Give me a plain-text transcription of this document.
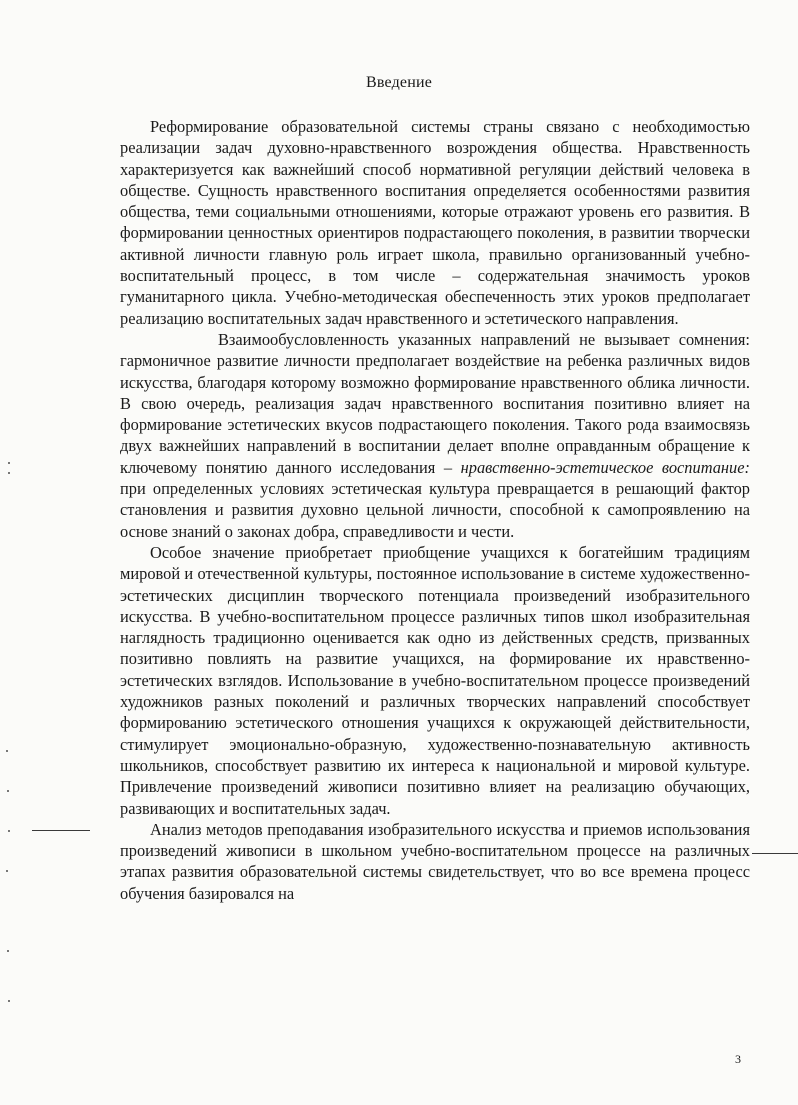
Введение

Реформирование образовательной системы страны связано с необходимостью реализации задач духовно-нравственного возрождения общества. Нравственность характеризуется как важнейший способ нормативной регуляции действий человека в обществе. Сущность нравственного воспитания определяется особенностями развития общества, теми социальными отношениями, которые отражают уровень его развития. В формировании ценностных ориентиров подрастающего поколения, в развитии творчески активной личности главную роль играет школа, правильно организованный учебно-воспитательный процесс, в том числе – содержательная значимость уроков гуманитарного цикла. Учебно-методическая обеспеченность этих уроков предполагает реализацию воспитательных задач нравственного и эстетического направления.

Взаимообусловленность указанных направлений не вызывает сомнения: гармоничное развитие личности предполагает воздействие на ребенка различных видов искусства, благодаря которому возможно формирование нравственного облика личности. В свою очередь, реализация задач нравственного воспитания позитивно влияет на формирование эстетических вкусов подрастающего поколения. Такого рода взаимосвязь двух важнейших направлений в воспитании делает вполне оправданным обращение к ключевому понятию данного исследования – нравственно-эстетическое воспитание: при определенных условиях эстетическая культура превращается в решающий фактор становления и развития духовно цельной личности, способной к самопроявлению на основе знаний о законах добра, справедливости и чести.

Особое значение приобретает приобщение учащихся к богатейшим традициям мировой и отечественной культуры, постоянное использование в системе художественно-эстетических дисциплин творческого потенциала произведений изобразительного искусства. В учебно-воспитательном процессе различных типов школ изобразительная наглядность традиционно оценивается как одно из действенных средств, призванных позитивно повлиять на развитие учащихся, на формирование их нравственно-эстетических взглядов. Использование в учебно-воспитательном процессе произведений художников разных поколений и различных творческих направлений способствует формированию эстетического отношения учащихся к окружающей действительности, стимулирует эмоционально-образную, художественно-познавательную активность школьников, способствует развитию их интереса к национальной и мировой культуре. Привлечение произведений живописи позитивно влияет на реализацию обучающих, развивающих и воспитательных задач.

Анализ методов преподавания изобразительного искусства и приемов использования произведений живописи в школьном учебно-воспитательном процессе на различных этапах развития образовательной системы свидетельствует, что во все времена процесс обучения базировался на

3
